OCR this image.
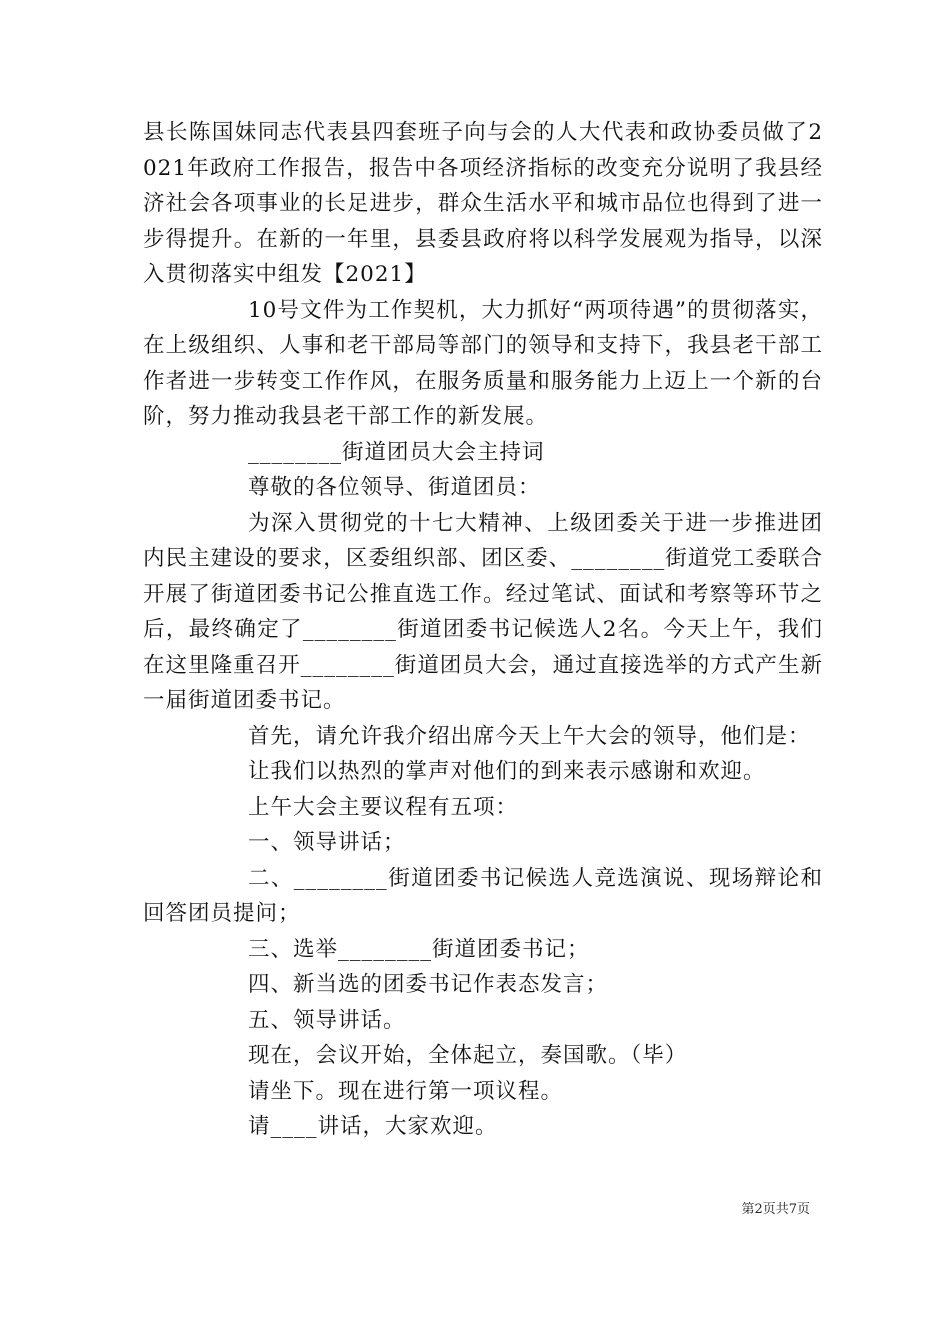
县长陈国妹同志代表县四套班子向与会的人大代表和政协委员做了2021年政府工作报告，报告中各项经济指标的改变充分说明了我县经济社会各项事业的长足进步，群众生活水平和城市品位也得到了进一步得提升。在新的一年里，县委县政府将以科学发展观为指导，以深入贯彻落实中组发【2021】

10号文件为工作契机，大力抓好“两项待遇”的贯彻落实，在上级组织、人事和老干部局等部门的领导和支持下，我县老干部工作者进一步转变工作作风，在服务质量和服务能力上迈上一个新的台阶，努力推动我县老干部工作的新发展。

________街道团员大会主持词

尊敬的各位领导、街道团员：

为深入贯彻党的十七大精神、上级团委关于进一步推进团内民主建设的要求，区委组织部、团区委、________街道党工委联合开展了街道团委书记公推直选工作。经过笔试、面试和考察等环节之后，最终确定了________街道团委书记候选人2名。今天上午，我们在这里隆重召开________街道团员大会，通过直接选举的方式产生新一届街道团委书记。

首先，请允许我介绍出席今天上午大会的领导，他们是：

让我们以热烈的掌声对他们的到来表示感谢和欢迎。

上午大会主要议程有五项：

一、领导讲话；

二、________街道团委书记候选人竞选演说、现场辩论和回答团员提问；

三、选举________街道团委书记；

四、新当选的团委书记作表态发言；

五、领导讲话。

现在，会议开始，全体起立，奏国歌。（毕）

请坐下。现在进行第一项议程。

请____讲话，大家欢迎。

第2页共7页
